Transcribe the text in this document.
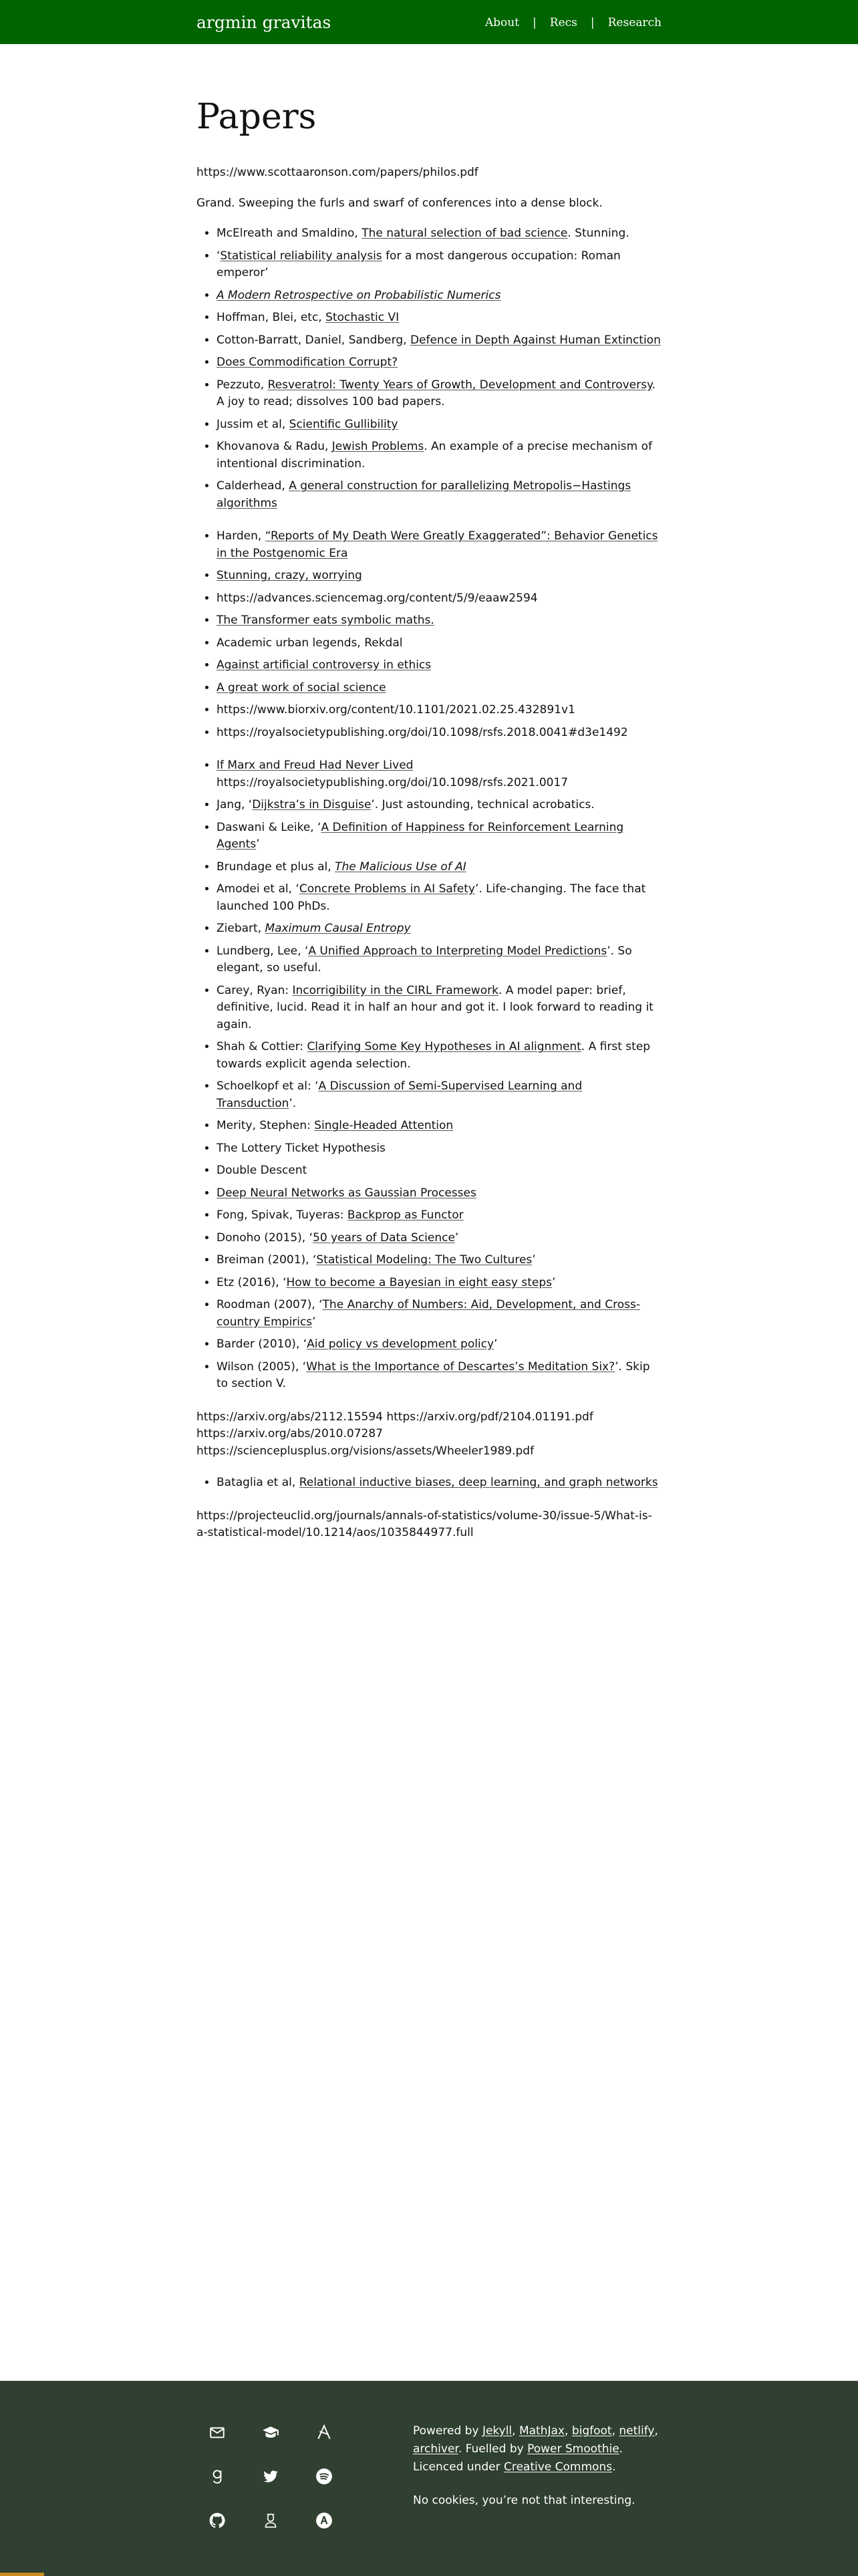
argmin gravitas	About | Recs | Research
Papers

https://www.scottaaronson.com/papers/philos.pdf

Grand. Sweeping the furls and swarf of conferences into a dense block.

• McElreath and Smaldino, The natural selection of bad science. Stunning.
• ‘Statistical reliability analysis for a most dangerous occupation: Roman emperor’
• A Modern Retrospective on Probabilistic Numerics
• Hoffman, Blei, etc, Stochastic VI
• Cotton-Barratt, Daniel, Sandberg, Defence in Depth Against Human Extinction
• Does Commodification Corrupt?
• Pezzuto, Resveratrol: Twenty Years of Growth, Development and Controversy. A joy to read; dissolves 100 bad papers.
• Jussim et al, Scientific Gullibility
• Khovanova & Radu, Jewish Problems. An example of a precise mechanism of intentional discrimination.
• Calderhead, A general construction for parallelizing Metropolis−Hastings algorithms
• Harden, “Reports of My Death Were Greatly Exaggerated”: Behavior Genetics in the Postgenomic Era
• Stunning, crazy, worrying
• https://advances.sciencemag.org/content/5/9/eaaw2594
• The Transformer eats symbolic maths.
• Academic urban legends, Rekdal
• Against artificial controversy in ethics
• A great work of social science
• https://www.biorxiv.org/content/10.1101/2021.02.25.432891v1
• https://royalsocietypublishing.org/doi/10.1098/rsfs.2018.0041#d3e1492
• If Marx and Freud Had Never Lived https://royalsocietypublishing.org/doi/10.1098/rsfs.2021.0017
• Jang, ‘Dijkstra’s in Disguise’. Just astounding, technical acrobatics.
• Daswani & Leike, ‘A Definition of Happiness for Reinforcement Learning Agents’
• Brundage et plus al, The Malicious Use of AI
• Amodei et al, ‘Concrete Problems in AI Safety’. Life-changing. The face that launched 100 PhDs.
• Ziebart, Maximum Causal Entropy
• Lundberg, Lee, ‘A Unified Approach to Interpreting Model Predictions’. So elegant, so useful.
• Carey, Ryan: Incorrigibility in the CIRL Framework. A model paper: brief, definitive, lucid. Read it in half an hour and got it. I look forward to reading it again.
• Shah & Cottier: Clarifying Some Key Hypotheses in AI alignment. A first step towards explicit agenda selection.
• Schoelkopf et al: ‘A Discussion of Semi-Supervised Learning and Transduction’.
• Merity, Stephen: Single-Headed Attention
• The Lottery Ticket Hypothesis
• Double Descent
• Deep Neural Networks as Gaussian Processes
• Fong, Spivak, Tuyeras: Backprop as Functor
• Donoho (2015), ‘50 years of Data Science’
• Breiman (2001), ‘Statistical Modeling: The Two Cultures’
• Etz (2016), ‘How to become a Bayesian in eight easy steps’
• Roodman (2007), ‘The Anarchy of Numbers: Aid, Development, and Cross-country Empirics’
• Barder (2010), ‘Aid policy vs development policy’
• Wilson (2005), ‘What is the Importance of Descartes’s Meditation Six?’. Skip to section V.

https://arxiv.org/abs/2112.15594 https://arxiv.org/pdf/2104.01191.pdf
https://arxiv.org/abs/2010.07287
https://scienceplusplus.org/visions/assets/Wheeler1989.pdf

• Bataglia et al, Relational inductive biases, deep learning, and graph networks

https://projecteuclid.org/journals/annals-of-statistics/volume-30/issue-5/What-is-a-statistical-model/10.1214/aos/1035844977.full

Powered by Jekyll, MathJax, bigfoot, netlify, archiver. Fuelled by Power Smoothie. Licenced under Creative Commons.

No cookies, you’re not that interesting.
